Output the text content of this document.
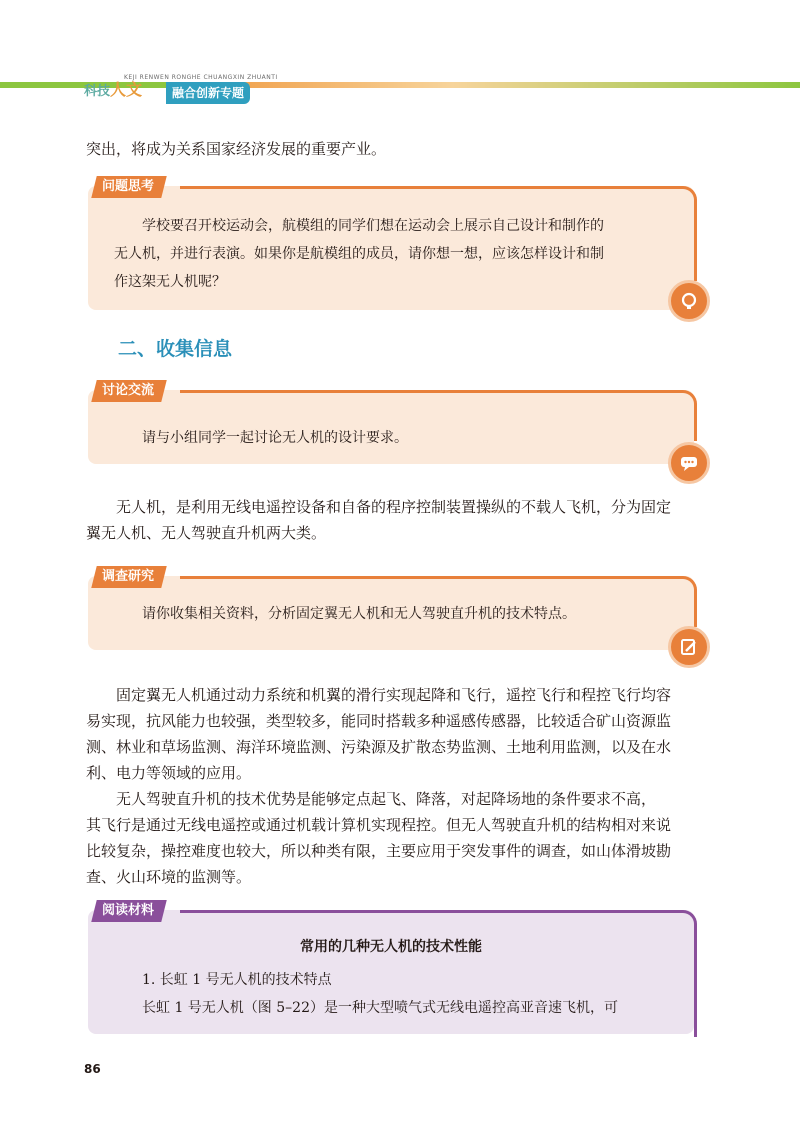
KEJI RENWEN RONGHE CHUANGXIN ZHUANTI
科技人文	融合创新专题
突出，将成为关系国家经济发展的重要产业。
问题思考
学校要召开校运动会，航模组的同学们想在运动会上展示自己设计和制作的
无人机，并进行表演。如果你是航模组的成员，请你想一想，应该怎样设计和制
作这架无人机呢？
二、收集信息
讨论交流
请与小组同学一起讨论无人机的设计要求。
无人机，是利用无线电遥控设备和自备的程序控制装置操纵的不载人飞机，分为固定
翼无人机、无人驾驶直升机两大类。
调查研究
请你收集相关资料，分析固定翼无人机和无人驾驶直升机的技术特点。
固定翼无人机通过动力系统和机翼的滑行实现起降和飞行，遥控飞行和程控飞行均容
易实现，抗风能力也较强，类型较多，能同时搭载多种遥感传感器，比较适合矿山资源监
测、林业和草场监测、海洋环境监测、污染源及扩散态势监测、土地利用监测，以及在水
利、电力等领域的应用。
无人驾驶直升机的技术优势是能够定点起飞、降落，对起降场地的条件要求不高，
其飞行是通过无线电遥控或通过机载计算机实现程控。但无人驾驶直升机的结构相对来说
比较复杂，操控难度也较大，所以种类有限，主要应用于突发事件的调查，如山体滑坡勘
查、火山环境的监测等。
阅读材料
常用的几种无人机的技术性能
1. 长虹 1 号无人机的技术特点
长虹 1 号无人机（图 5–22）是一种大型喷气式无线电遥控高亚音速飞机，可
86
